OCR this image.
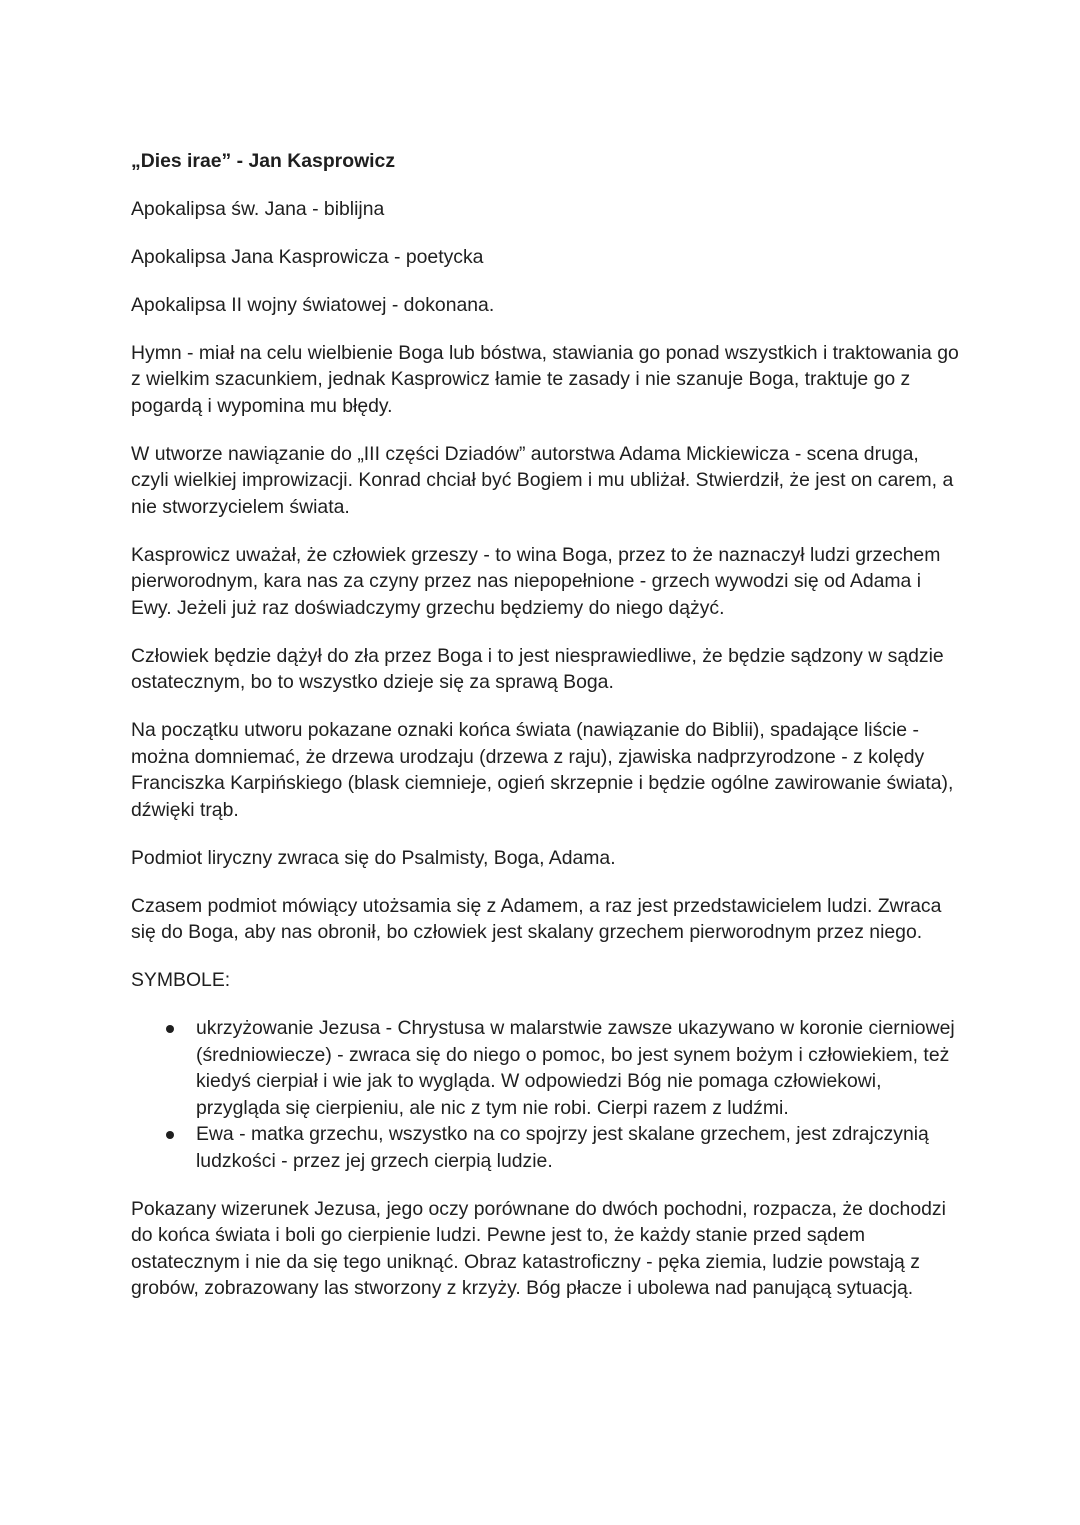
„Dies irae” - Jan Kasprowicz

Apokalipsa św. Jana - biblijna

Apokalipsa Jana Kasprowicza - poetycka

Apokalipsa II wojny światowej - dokonana.

Hymn - miał na celu wielbienie Boga lub bóstwa, stawiania go ponad wszystkich i traktowania go z wielkim szacunkiem, jednak Kasprowicz łamie te zasady i nie szanuje Boga, traktuje go z pogardą i wypomina mu błędy.

W utworze nawiązanie do „III części Dziadów” autorstwa Adama Mickiewicza - scena druga, czyli wielkiej improwizacji. Konrad chciał być Bogiem i mu ubliżał. Stwierdził, że jest on carem, a nie stworzycielem świata.

Kasprowicz uważał, że człowiek grzeszy - to wina Boga, przez to że naznaczył ludzi grzechem pierworodnym, kara nas za czyny przez nas niepopełnione - grzech wywodzi się od Adama i Ewy. Jeżeli już raz doświadczymy grzechu będziemy do niego dążyć.

Człowiek będzie dążył do zła przez Boga i to jest niesprawiedliwe, że będzie sądzony w sądzie ostatecznym, bo to wszystko dzieje się za sprawą Boga.

Na początku utworu pokazane oznaki końca świata (nawiązanie do Biblii), spadające liście - można domniemać, że drzewa urodzaju (drzewa z raju), zjawiska nadprzyrodzone - z kolędy Franciszka Karpińskiego (blask ciemnieje, ogień skrzepnie i będzie ogólne zawirowanie świata), dźwięki trąb.

Podmiot liryczny zwraca się do Psalmisty, Boga, Adama.

Czasem podmiot mówiący utożsamia się z Adamem, a raz jest przedstawicielem ludzi. Zwraca się do Boga, aby nas obronił, bo człowiek jest skalany grzechem pierworodnym przez niego.

SYMBOLE:

ukrzyżowanie Jezusa - Chrystusa w malarstwie zawsze ukazywano w koronie cierniowej (średniowiecze) - zwraca się do niego o pomoc, bo jest synem bożym i człowiekiem, też kiedyś cierpiał i wie jak to wygląda. W odpowiedzi Bóg nie pomaga człowiekowi, przygląda się cierpieniu, ale nic z tym nie robi. Cierpi razem z ludźmi.
Ewa - matka grzechu, wszystko na co spojrzy jest skalane grzechem, jest zdrajczynią ludzkości - przez jej grzech cierpią ludzie.

Pokazany wizerunek Jezusa, jego oczy porównane do dwóch pochodni, rozpacza, że dochodzi do końca świata i boli go cierpienie ludzi. Pewne jest to, że każdy stanie przed sądem ostatecznym i nie da się tego uniknąć. Obraz katastroficzny - pęka ziemia, ludzie powstają z grobów, zobrazowany las stworzony z krzyży. Bóg płacze i ubolewa nad panującą sytuacją.
